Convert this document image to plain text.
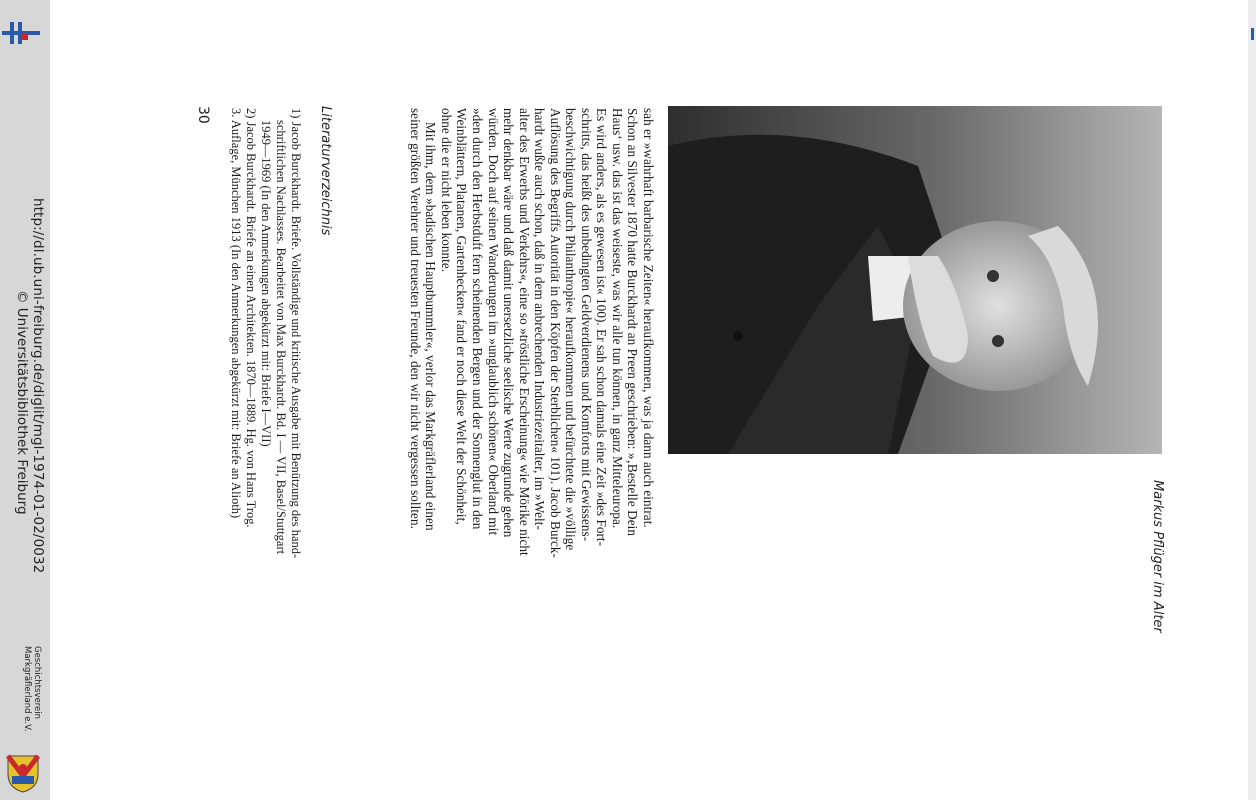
http://dl.ub.uni-freiburg.de/diglit/mgl-1974-01-02/0032
© Universitätsbibliothek Freiburg
Geschichtsverein
Markgräflerland e.V.
30	Literaturverzeichnis
1) Jacob Burckhardt. Briefe. Vollständige und kritische Ausgabe mit Benützung des hand-
schriftlichen Nachlasses. Bearbeitet von Max Burckhardt. Bd. I — VII, Basel/Stuttgart
1949—1969 (In den Anmerkungen abgekürzt mit: Briefe I—VII)
2) Jacob Burckhardt. Briefe an einen Architekten. 1870—1889. Hg. von Hans Trog.
3. Auflage, München 1913 (In den Anmerkungen abgekürzt mit: Briefe an Alioth)	sah er »wahrhaft barbarische Zeiten« heraufkommen, was ja dann auch eintrat.
Schon an Silvester 1870 hatte Burckhardt an Preen geschrieben: »‚Bestelle Dein
Haus‘ usw. das ist das weiseste, was wir alle tun können, in ganz Mitteleuropa.
Es wird anders, als es gewesen ist« 100). Er sah schon damals eine Zeit »des Fort-
schritts, das heißt des unbedingten Geldverdienens und Komforts mit Gewissens-
beschwichtigung durch Philanthropie« heraufkommen und befürchtete die »völlige
Auflösung des Begriffs Autorität in den Köpfen der Sterblichen« 101). Jacob Burck-
hardt wußte auch schon, daß in dem anbrechenden Industriezeitalter, im »Welt-
alter des Erwerbs und Verkehrs«, eine so »tröstliche Erscheinung« wie Mörike nicht
mehr denkbar wäre und daß damit unersetzliche seelische Werte zugrunde gehen
würden. Doch auf seinen Wanderungen im »unglaublich schönen« Oberland mit
»den durch den Herbstduft fern scheinenden Bergen und der Sonnenglut in den
Weinblättern, Platanen, Gartenhecken« fand er noch diese Welt der Schönheit,
ohne die er nicht leben konnte.
Mit ihm, dem »badischen Hauptbummler«, verlor das Markgräflerland einen
seiner größten Verehrer und treuesten Freunde, den wir nicht vergessen sollten.
Markus Pflüger im Alter
